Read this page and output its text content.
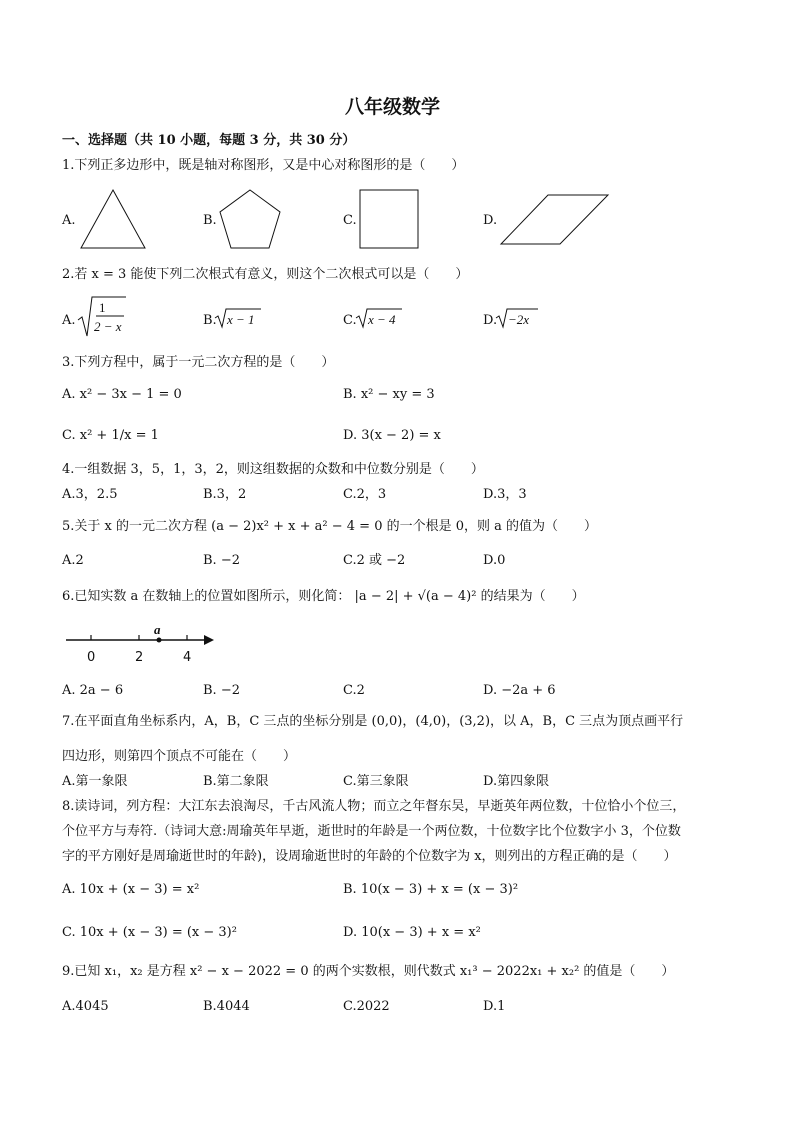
八年级数学
一、选择题（共 10 小题，每题 3 分，共 30 分）
1.下列正多边形中，既是轴对称图形，又是中心对称图形的是（　　）
A.	B.	C.	D.
2.若 x = 3 能使下列二次根式有意义，则这个二次根式可以是（　　）
A.
1
2 − x	B. x − 1	C. x − 4	D. −2x
3.下列方程中，属于一元二次方程的是（　　）
A. x² − 3x − 1 = 0	B. x² − xy = 3
C. x² + 1/x = 1	D. 3(x − 2) = x
4.一组数据 3，5，1，3，2，则这组数据的众数和中位数分别是（　　）
A.3，2.5	B.3，2	C.2，3	D.3，3
5.关于 x 的一元二次方程 (a − 2)x² + x + a² − 4 = 0 的一个根是 0，则 a 的值为（　　）
A.2	B. −2	C.2 或 −2	D.0
6.已知实数 a 在数轴上的位置如图所示，则化简： |a − 2| + √(a − 4)² 的结果为（　　）
a
0	2	4
A. 2a − 6	B. −2	C.2	D. −2a + 6
7.在平面直角坐标系内，A，B，C 三点的坐标分别是 (0,0)，(4,0)，(3,2)，以 A，B，C 三点为顶点画平行
四边形，则第四个顶点不可能在（　　）
A.第一象限	B.第二象限	C.第三象限	D.第四象限
8.读诗词，列方程：大江东去浪淘尽，千古风流人物；而立之年督东吴，早逝英年两位数，十位恰小个位三，
个位平方与寿符.（诗词大意:周瑜英年早逝，逝世时的年龄是一个两位数，十位数字比个位数字小 3，个位数
字的平方刚好是周瑜逝世时的年龄)，设周瑜逝世时的年龄的个位数字为 x，则列出的方程正确的是（　　）
A. 10x + (x − 3) = x²	B. 10(x − 3) + x = (x − 3)²
C. 10x + (x − 3) = (x − 3)²	D. 10(x − 3) + x = x²
9.已知 x₁，x₂ 是方程 x² − x − 2022 = 0 的两个实数根，则代数式 x₁³ − 2022x₁ + x₂² 的值是（　　）
A.4045	B.4044	C.2022	D.1
